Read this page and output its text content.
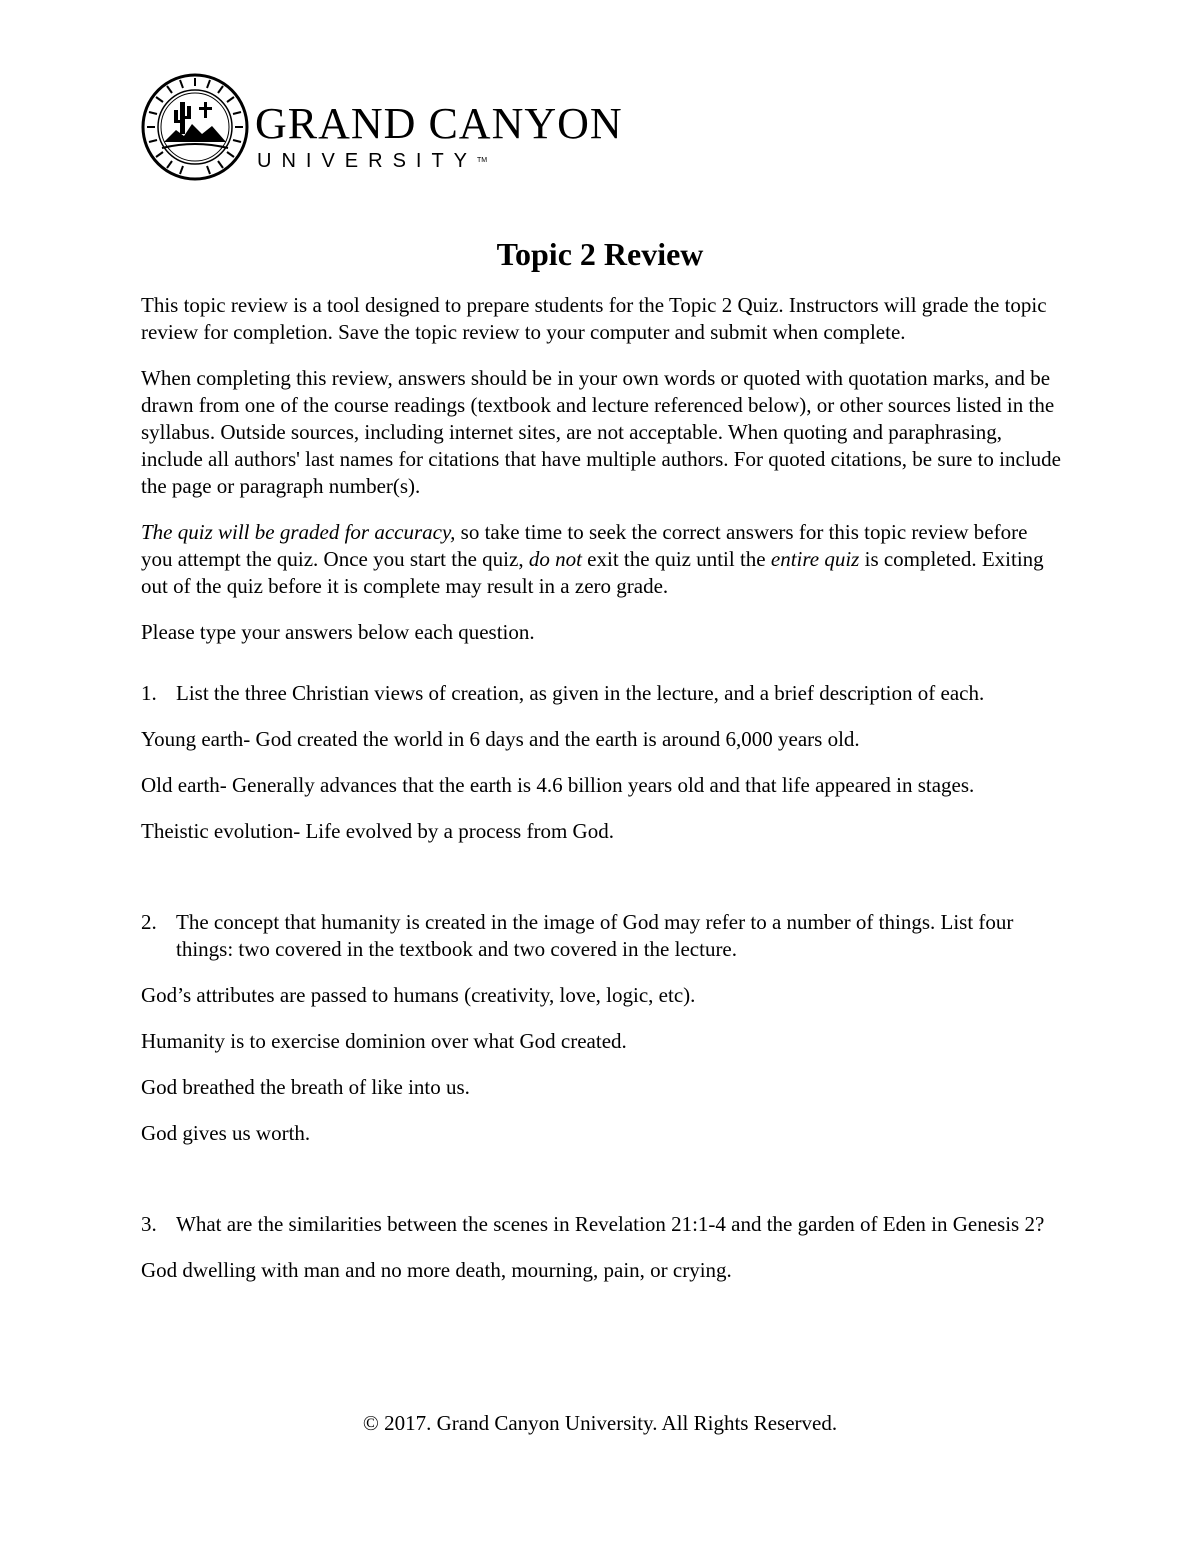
GRAND CANYON
UNIVERSITY™
Topic 2 Review

This topic review is a tool designed to prepare students for the Topic 2 Quiz. Instructors will grade the topic review for completion. Save the topic review to your computer and submit when complete.

When completing this review, answers should be in your own words or quoted with quotation marks, and be drawn from one of the course readings (textbook and lecture referenced below), or other sources listed in the syllabus. Outside sources, including internet sites, are not acceptable. When quoting and paraphrasing, include all authors' last names for citations that have multiple authors. For quoted citations, be sure to include the page or paragraph number(s).

The quiz will be graded for accuracy, so take time to seek the correct answers for this topic review before you attempt the quiz. Once you start the quiz, do not exit the quiz until the entire quiz is completed. Exiting out of the quiz before it is complete may result in a zero grade.

Please type your answers below each question.

1. List the three Christian views of creation, as given in the lecture, and a brief description of each.
Young earth- God created the world in 6 days and the earth is around 6,000 years old.
Old earth- Generally advances that the earth is 4.6 billion years old and that life appeared in stages.
Theistic evolution- Life evolved by a process from God.
2. The concept that humanity is created in the image of God may refer to a number of things. List four things: two covered in the textbook and two covered in the lecture.
God’s attributes are passed to humans (creativity, love, logic, etc).
Humanity is to exercise dominion over what God created.
God breathed the breath of like into us.
God gives us worth.
3. What are the similarities between the scenes in Revelation 21:1-4 and the garden of Eden in Genesis 2?
God dwelling with man and no more death, mourning, pain, or crying.
© 2017. Grand Canyon University. All Rights Reserved.
